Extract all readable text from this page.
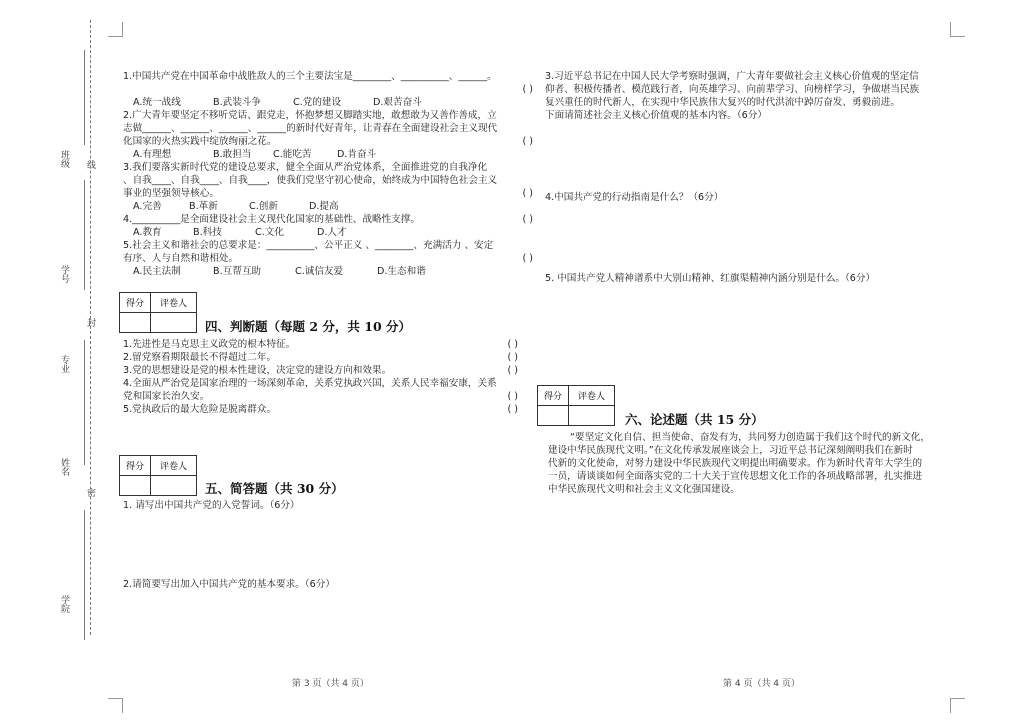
班级
学号
专业
姓名
学院
线
封
密

1.中国共产党在中国革命中战胜敌人的三个主要法宝是________、__________、______。

( )

A.统一战线	B.武装斗争	C.党的建设	D.艰苦奋斗

2.广大青年要坚定不移听党话、跟党走，怀抱梦想又脚踏实地，敢想敢为又善作善成，立

志做______、______、______、______的新时代好青年，让青春在全面建设社会主义现代

化国家的火热实践中绽放绚丽之花。	( )

A.有理想	B.敢担当 C.能吃苦	D.肯奋斗

3.我们要落实新时代党的建设总要求，健全全面从严治党体系，全面推进党的自我净化

、自我____、自我____、自我____，使我们党坚守初心使命，始终成为中国特色社会主义

事业的坚强领导核心。	( )

A.完善	B.革新	C.创新	D.提高

4.__________是全面建设社会主义现代化国家的基础性、战略性支撑。	( )

A.教育	B.科技	C.文化	D.人才

5.社会主义和谐社会的总要求是：__________、公平正义 、________、充满活力 、安定

有序、人与自然和谐相处。	( )

A.民主法制	B.互帮互助	C.诚信友爱	D.生态和谐

得分	评卷人

四、判断题（每题 2 分，共 10 分）

1.先进性是马克思主义政党的根本特征。	( )

2.留党察看期限最长不得超过二年。	( )

3.党的思想建设是党的根本性建设，决定党的建设方向和效果。	( )

4.全面从严治党是国家治理的一场深刻革命，关系党执政兴国，关系人民幸福安康，关系

党和国家长治久安。	( )

5.党执政后的最大危险是脱离群众。	( )

得分	评卷人

五、简答题（共 30 分）

1. 请写出中国共产党的入党誓词。（6分）

2.请简要写出加入中国共产党的基本要求。（6分）

第 3 页（共 4 页）

3.习近平总书记在中国人民大学考察时强调，广大青年要做社会主义核心价值观的坚定信

仰者、积极传播者、模范践行者，向英雄学习、向前辈学习、向榜样学习，争做堪当民族

复兴重任的时代新人，在实现中华民族伟大复兴的时代洪流中踔厉奋发、勇毅前进。

下面请简述社会主义核心价值观的基本内容。（6分）

4.中国共产党的行动指南是什么？（6分）

5. 中国共产党人精神谱系中大别山精神、红旗渠精神内涵分别是什么。（6分）

得分	评卷人

六、论述题（共 15 分）

“要坚定文化自信、担当使命、奋发有为，共同努力创造属于我们这个时代的新文化，

建设中华民族现代文明。”在文化传承发展座谈会上，习近平总书记深刻阐明我们在新时

代新的文化使命，对努力建设中华民族现代文明提出明确要求。作为新时代青年大学生的

一员，请谈谈如何全面落实党的二十大关于宣传思想文化工作的各项战略部署，扎实推进

中华民族现代文明和社会主义文化强国建设。

第 4 页（共 4 页）
